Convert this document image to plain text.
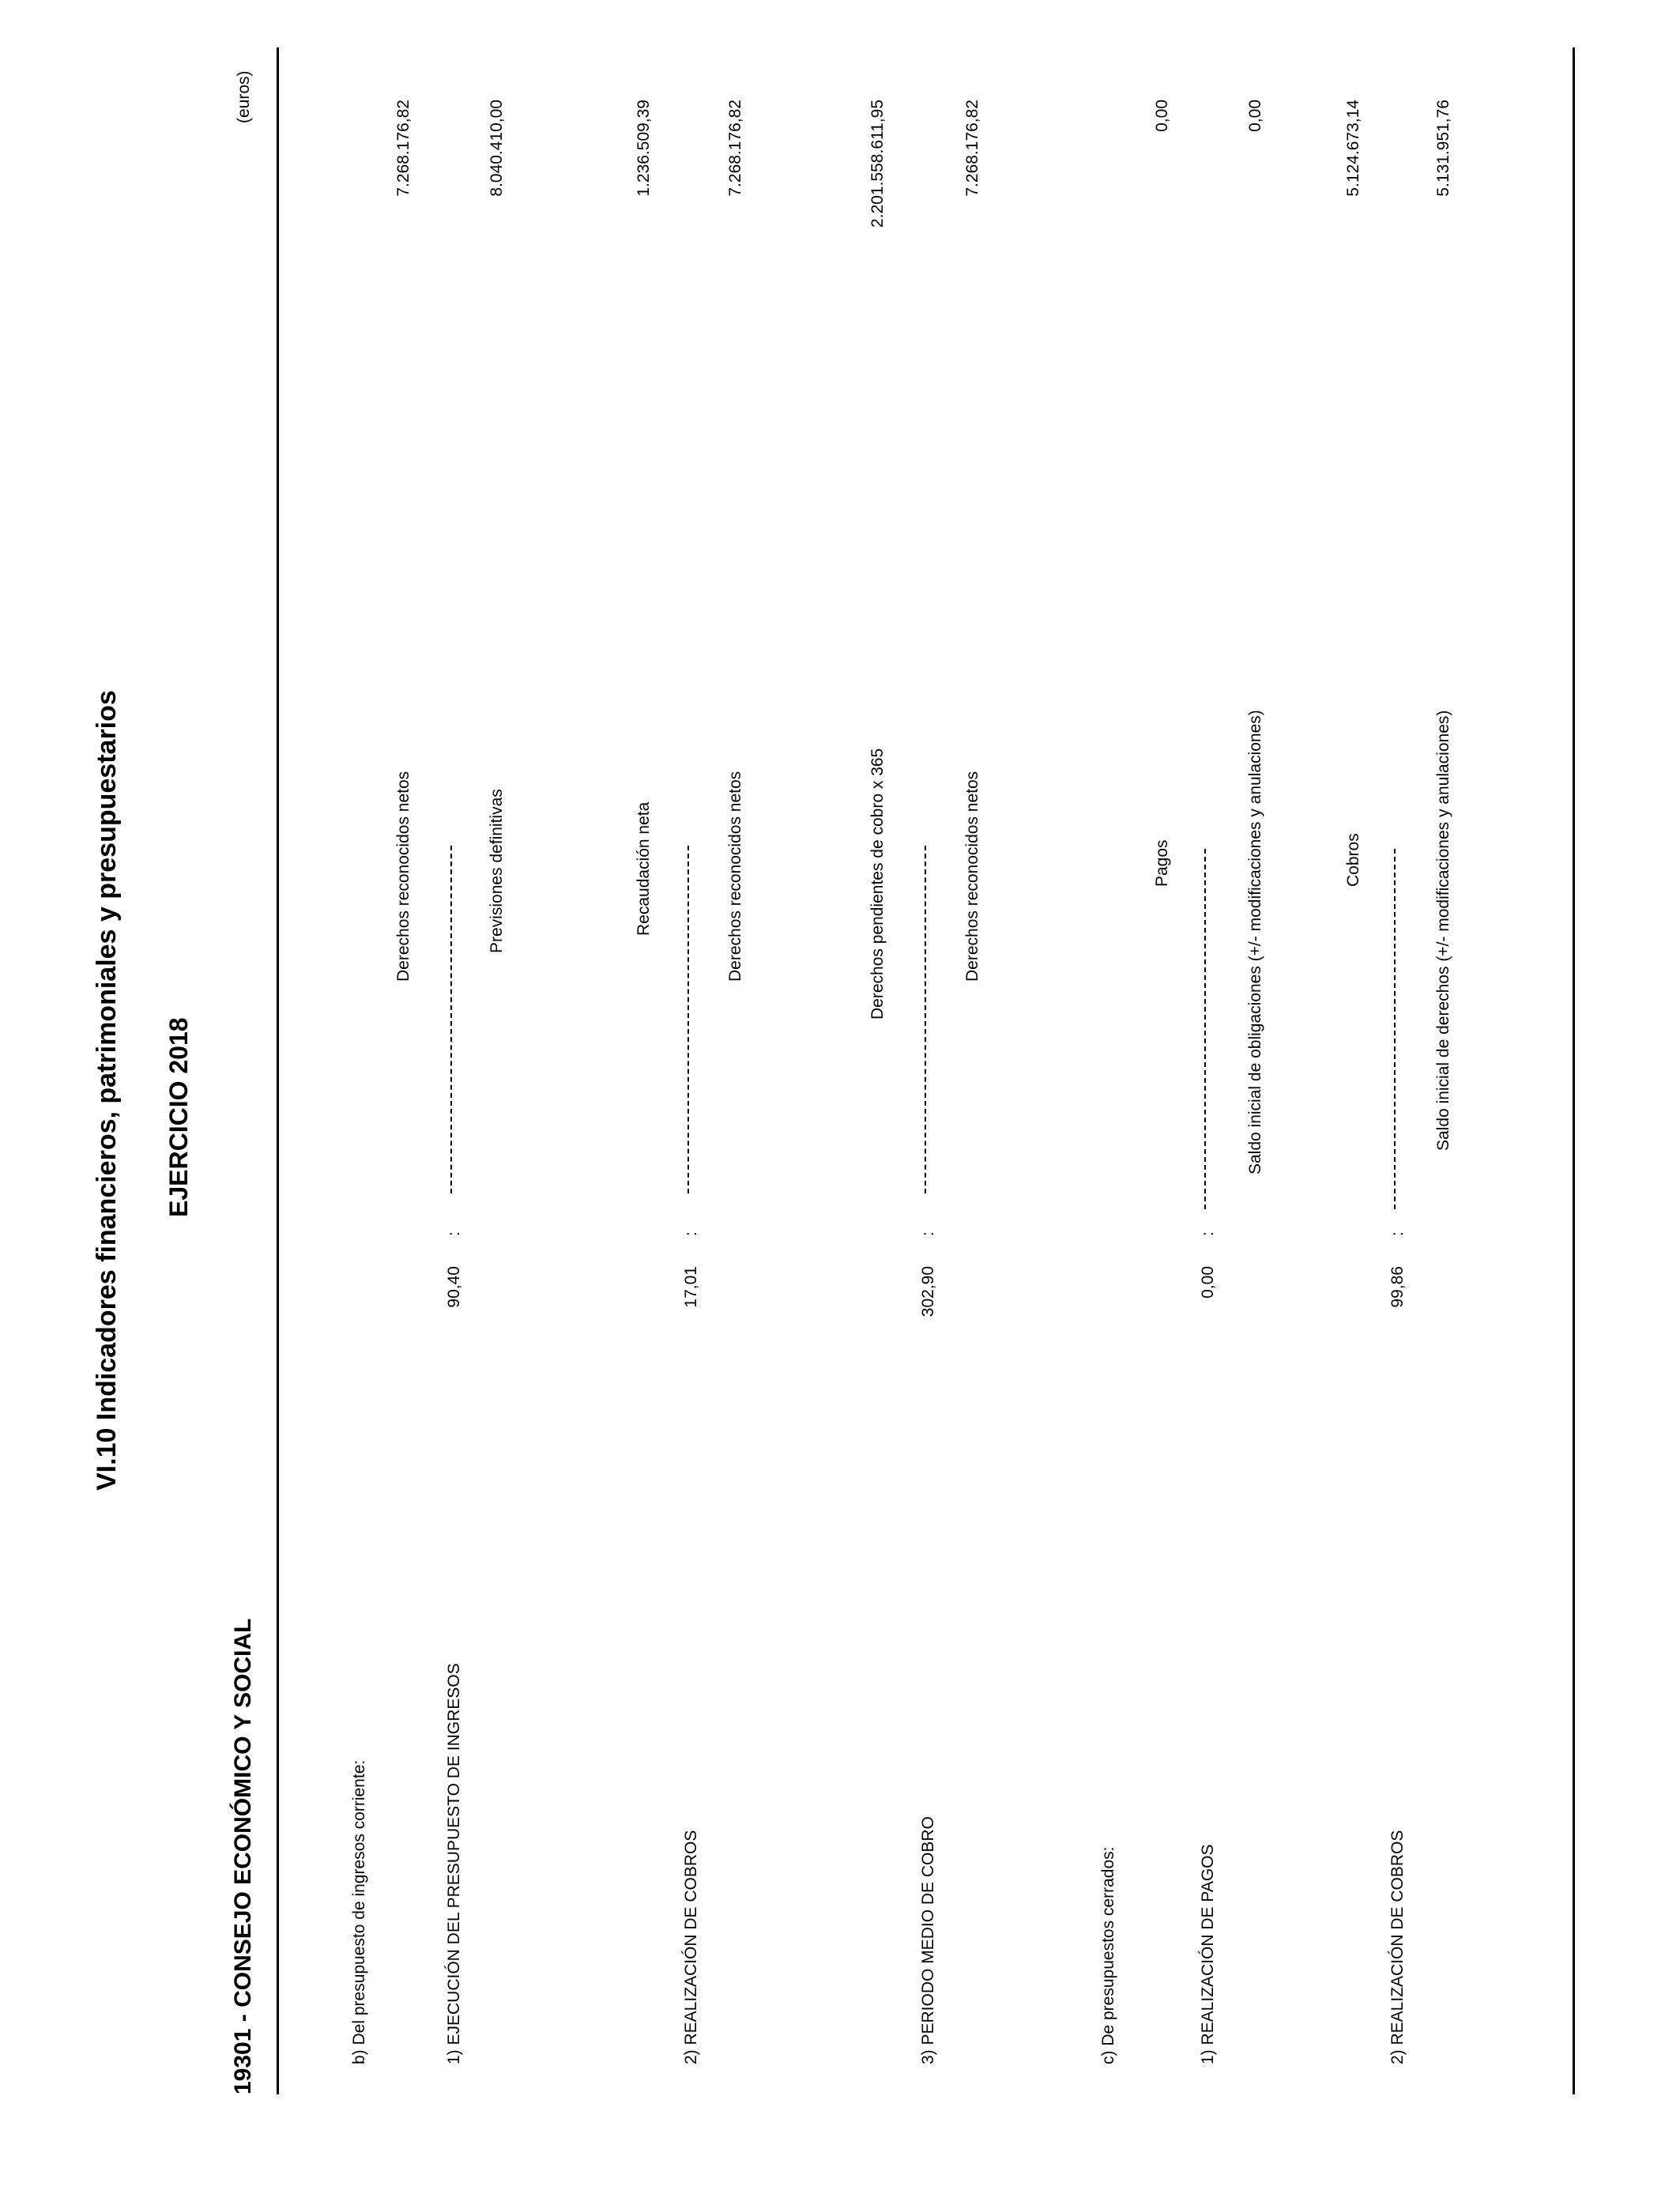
VI.10 Indicadores financieros, patrimoniales y presupuestarios EJERCICIO 2018
19301 - CONSEJO ECONÓMICO Y SOCIAL
(euros)
b) Del presupuesto de ingresos corriente:	1) EJECUCIÓN DEL PRESUPUESTO DE INGRESOS
90,40
:
Derechos reconocidos netos	Previsiones definitivas
7.268.176,82	8.040.410,00
2) REALIZACIÓN DE COBROS
17,01
:
Recaudación neta	Derechos reconocidos netos
1.236.509,39	7.268.176,82
3) PERIODO MEDIO DE COBRO
302,90
:
Derechos pendientes de cobro x 365	Derechos reconocidos netos
2.201.558.611,95	7.268.176,82
c) De presupuestos cerrados:	1) REALIZACIÓN DE PAGOS
0,00
:
Pagos	Saldo inicial de obligaciones (+/- modificaciones y anulaciones)
0,00	0,00
2) REALIZACIÓN DE COBROS
99,86
:
Cobros	Saldo inicial de derechos (+/- modificaciones y anulaciones)
5.124.673,14	5.131.951,76
